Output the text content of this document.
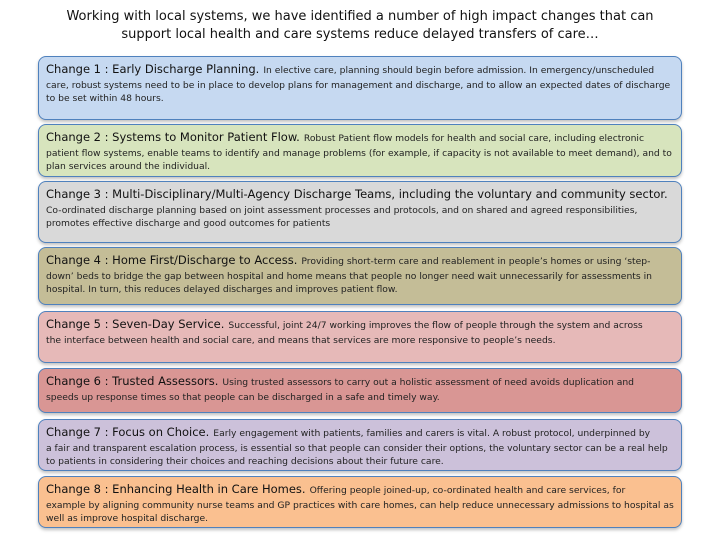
Working with local systems, we have identified a number of high impact changes that can
support local health and care systems reduce delayed transfers of care…
Change 1 : Early Discharge Planning. In elective care, planning should begin before admission. In emergency/unscheduled
care, robust systems need to be in place to develop plans for management and discharge, and to allow an expected dates of discharge to be set within 48 hours.
Change 2 : Systems to Monitor Patient Flow. Robust Patient flow models for health and social care, including electronic
patient flow systems, enable teams to identify and manage problems (for example, if capacity is not available to meet demand), and to plan services around the individual.
Change 3 : Multi-Disciplinary/Multi-Agency Discharge Teams, including the voluntary and community sector.
Co-ordinated discharge planning based on joint assessment processes and protocols, and on shared and agreed responsibilities, promotes effective discharge and good outcomes for patients
Change 4 : Home First/Discharge to Access. Providing short-term care and reablement in people’s homes or using ‘step-
down’ beds to bridge the gap between hospital and home means that people no longer need wait unnecessarily for assessments in hospital. In turn, this reduces delayed discharges and improves patient flow.
Change 5 : Seven-Day Service. Successful, joint 24/7 working improves the flow of people through the system and across
the interface between health and social care, and means that services are more responsive to people’s needs.
Change 6 : Trusted Assessors. Using trusted assessors to carry out a holistic assessment of need avoids duplication and
speeds up response times so that people can be discharged in a safe and timely way.
Change 7 : Focus on Choice. Early engagement with patients, families and carers is vital. A robust protocol, underpinned by
a fair and transparent escalation process, is essential so that people can consider their options, the voluntary sector can be a real help to patients in considering their choices and reaching decisions about their future care.
Change 8 : Enhancing Health in Care Homes. Offering people joined-up, co-ordinated health and care services, for
example by aligning community nurse teams and GP practices with care homes, can help reduce unnecessary admissions to hospital as well as improve hospital discharge.
